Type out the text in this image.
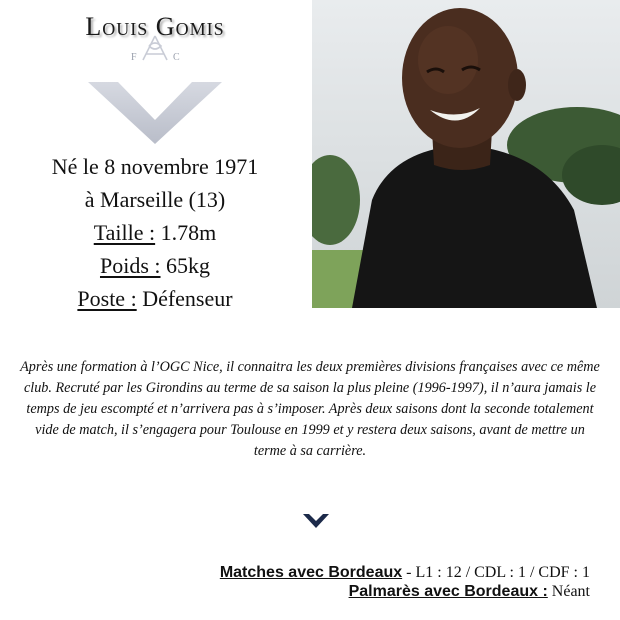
Louis Gomis
F	C
Né le 8 novembre 1971
à Marseille (13)
Taille : 1.78m
Poids : 65kg
Poste : Défenseur
Après une formation à l’OGC Nice, il connaitra les deux premières divisions françaises avec ce même club. Recruté par les Girondins au terme de sa saison la plus pleine (1996-1997), il n’aura jamais le temps de jeu escompté et n’arrivera pas à s’imposer. Après deux saisons dont la seconde totalement vide de match, il s’engagera pour Toulouse en 1999 et y restera deux saisons, avant de mettre un terme à sa carrière.
Matches avec Bordeaux - L1 : 12 / CDL : 1 / CDF : 1
Palmarès avec Bordeaux : Néant
